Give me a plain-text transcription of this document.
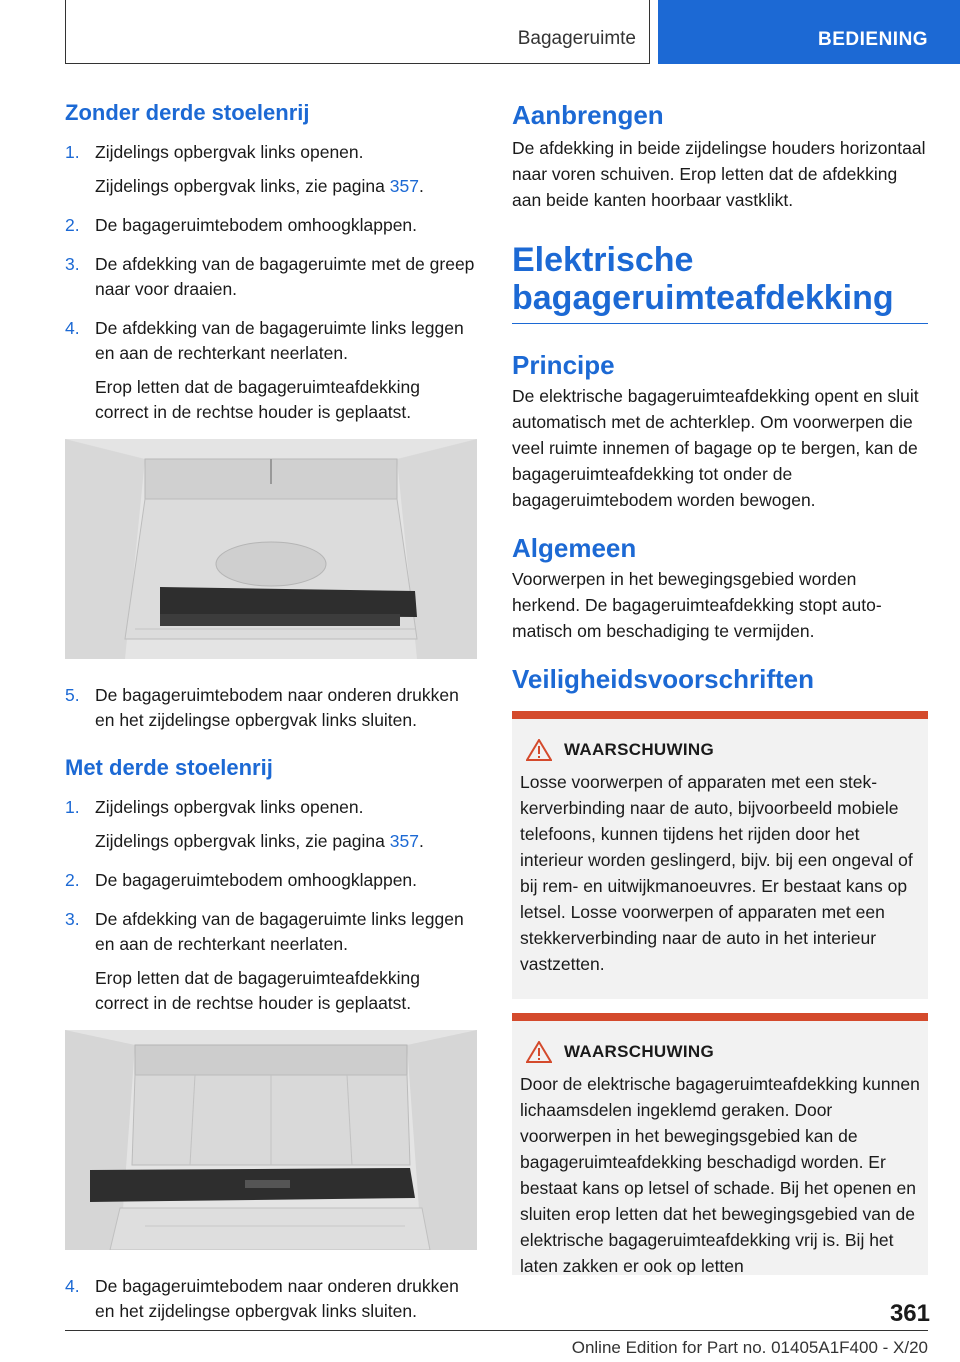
Bagageruimte	BEDIENING
Zonder derde stoelenrij
1. Zijdelings opbergvak links openen.
Zijdelings opbergvak links, zie pagina 357.
2. De bagageruimtebodem omhoogklappen.
3. De afdekking van de bagageruimte met de greep naar voor draaien.
4. De afdekking van de bagageruimte links leggen en aan de rechterkant neerlaten.
Erop letten dat de bagageruimteafdekking correct in de rechtse houder is geplaatst.
5. De bagageruimtebodem naar onderen drukken en het zijdelingse opbergvak links sluiten.
Met derde stoelenrij
1. Zijdelings opbergvak links openen.
Zijdelings opbergvak links, zie pagina 357.
2. De bagageruimtebodem omhoogklappen.
3. De afdekking van de bagageruimte links leggen en aan de rechterkant neerlaten.
Erop letten dat de bagageruimteafdekking correct in de rechtse houder is geplaatst.
4. De bagageruimtebodem naar onderen drukken en het zijdelingse opbergvak links sluiten.
Aanbrengen
De afdekking in beide zijdelingse houders horizontaal naar voren schuiven. Erop letten dat de afdekking aan beide kanten hoorbaar vastklikt.
Elektrische bagageruimteafdekking
Principe
De elektrische bagageruimteafdekking opent en sluit automatisch met de achterklep. Om voorwerpen die veel ruimte innemen of bagage op te bergen, kan de bagageruimteafdekking tot onder de bagageruimtebodem worden bewogen.
Algemeen
Voorwerpen in het bewegingsgebied worden herkend. De bagageruimteafdekking stopt automatisch om beschadiging te vermijden.
Veiligheidsvoorschriften
WAARSCHUWING
Losse voorwerpen of apparaten met een stekkerverbinding naar de auto, bijvoorbeeld mobiele telefoons, kunnen tijdens het rijden door het interieur worden geslingerd, bijv. bij een ongeval of bij rem- en uitwijkmanoeuvres. Er bestaat kans op letsel. Losse voorwerpen of apparaten met een stekkerverbinding naar de auto in het interieur vastzetten.
WAARSCHUWING
Door de elektrische bagageruimteafdekking kunnen lichaamsdelen ingeklemd geraken. Door voorwerpen in het bewegingsgebied kan de bagageruimteafdekking beschadigd worden. Er bestaat kans op letsel of schade. Bij het openen en sluiten erop letten dat het bewegingsgebied van de elektrische bagageruimteafdekking vrij is. Bij het laten zakken er ook op letten
361
Online Edition for Part no. 01405A1F400 - X/20
